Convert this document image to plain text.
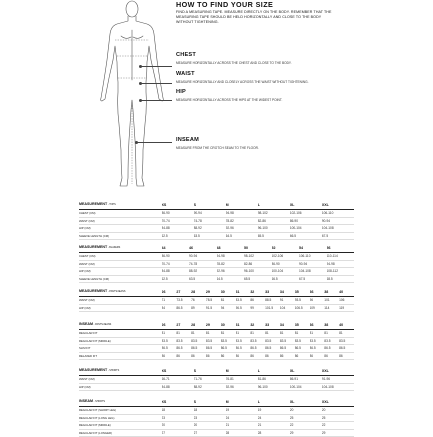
HOW TO FIND YOUR SIZE
FIND A MEASURING TAPE. MEASURE DIRECTLY ON THE BODY. REMEMBER THAT THE MEASURING TAPE SHOULD BE HELD HORIZONTALLY AND CLOSE TO THE BODY WITHOUT TIGHTENING.
CHEST
MEASURE HORIZONTALLY ACROSS THE CHEST AND CLOSE TO THE BODY.
WAIST
MEASURE HORIZONTALLY AND CLOSELY ACROSS THE WAIST WITHOUT TIGHTENING.
HIP
MEASURE HORIZONTALLY ACROSS THE HIPS AT THE WIDEST POINT.
INSEAM
MEASURE FROM THE CROTCH SEAM TO THE FLOOR.
MEASUREMENT - TOPS	XS	S	M	L	XL	XXL
CHEST (CM)	86-90	90-94	94-98	98-102	102-106	106-110
WAIST (CM)	70-74	74-78	78-82	82-86	86-90	90-94
HIP (CM)	84-88	88-92	92-96	96-100	100-104	104-108
SLEEVE LENGTH (CM)	62.5	63.5	64.5	65.5	66.5	67.5
MEASUREMENT - BLAZERS	44	46	48	50	52	54	56
CHEST (CM)	86-90	90-94	94-98	98-102	102-106	106-110	110-114
WAIST (CM)	70-74	74-78	78-82	82-86	86-90	90-94	94-98
HIP (CM)	84-88	88-92	92-96	96-100	100-104	104-108	108-112
SLEEVE LENGTH (CM)	62.5	63.5	64.5	65.5	66.5	67.5	68.5
MEASUREMENT - PANTS/JEANS	26	27	28	29	30	31	32	33	34	35	36	38	40
WAIST (CM)	71	73.5	76	78.5	81	83.5	86	88.5	91	93.5	96	101	106
HIP (CM)	84	86.5	89	91.5	94	96.5	99	101.5	104	106.5	109	114	119
INSEAM - PANTS/JEANS	26	27	28	29	30	31	32	33	34	35	36	38	40
REGULAR FIT	81	81	81	81	81	81	81	81	81	81	81	81	81
REGULAR FIT (MIDDLE)	83.5	83.5	83.5	83.5	83.5	83.5	83.5	83.5	83.5	83.5	83.5	83.5	83.5
SLIM FIT	86.5	86.5	86.5	86.5	86.5	86.5	86.5	86.5	86.5	86.5	86.5	86.5	86.5
RELAXED FIT	86	86	86	86	86	86	86	86	86	86	86	86	86
MEASUREMENT - SHORTS	XS	S	M	L	XL	XXL
WAIST (CM)	66-71	71-76	76-81	81-86	86-91	91-96
HIP (CM)	84-88	88-92	92-96	96-100	100-104	104-108
INSEAM - SHORTS	XS	S	M	L	XL	XXL
REGULAR FIT (SHORT LEG)	18	18	19	19	20	20
REGULAR FIT (LONG LEG)	23	23	24	24	25	25
REGULAR FIT (MIDDLE)	20	20	21	21	22	22
REGULAR FIT (LONGER)	27	27	28	28	29	29
